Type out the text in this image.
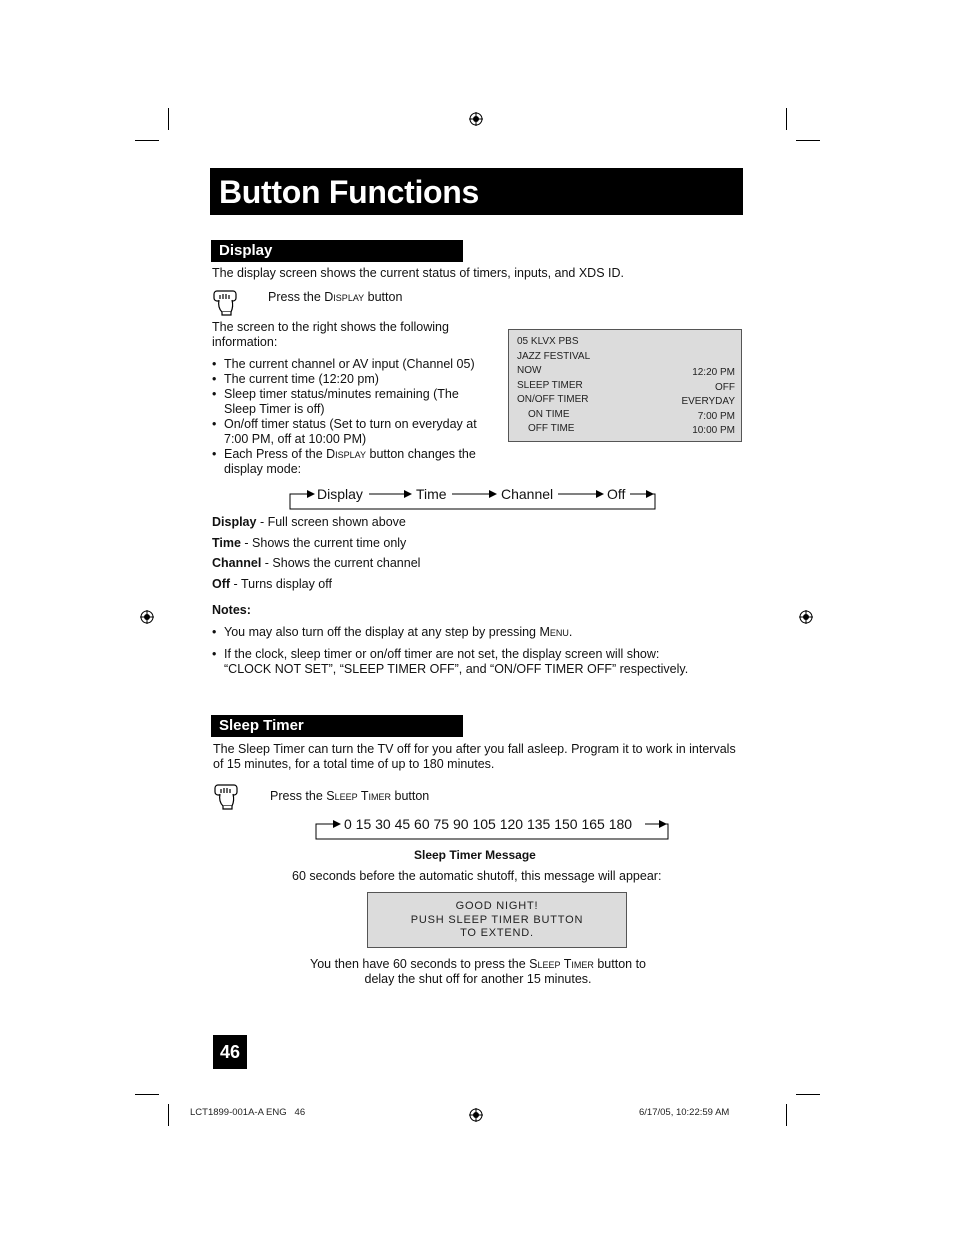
Button Functions
Display
The display screen shows the current status of timers, inputs, and XDS ID.
Press the Display button
The screen to the right shows the following information:
• The current channel or AV input (Channel 05)
• The current time (12:20 pm)
• Sleep timer status/minutes remaining (The Sleep Timer is off)
• On/off timer status (Set to turn on everyday at 7:00 PM, off at 10:00 PM)
• Each Press of the Display button changes the display mode:
05 KLVX PBS
JAZZ FESTIVAL
NOW	12:20 PM
SLEEP TIMER	OFF
ON/OFF TIMER	EVERYDAY
ON TIME	7:00 PM
OFF TIME	10:00 PM
Display	Time	Channel	Off
Display - Full screen shown above
Time - Shows the current time only
Channel - Shows the current channel
Off - Turns display off
Notes:
• You may also turn off the display at any step by pressing Menu.
• If the clock, sleep timer or on/off timer are not set, the display screen will show:
“CLOCK NOT SET”, “SLEEP TIMER OFF”, and “ON/OFF TIMER OFF” respectively.
Sleep Timer
The Sleep Timer can turn the TV off for you after you fall asleep. Program it to work in intervals of 15 minutes, for a total time of up to 180 minutes.
Press the Sleep Timer button
0 15 30 45 60 75 90 105 120 135 150 165 180
Sleep Timer Message
60 seconds before the automatic shutoff, this message will appear:
GOOD NIGHT!
PUSH SLEEP TIMER BUTTON
TO EXTEND.
You then have 60 seconds to press the Sleep Timer button to
delay the shut off for another 15 minutes.
46
LCT1899-001A-A ENG   46	6/17/05, 10:22:59 AM
